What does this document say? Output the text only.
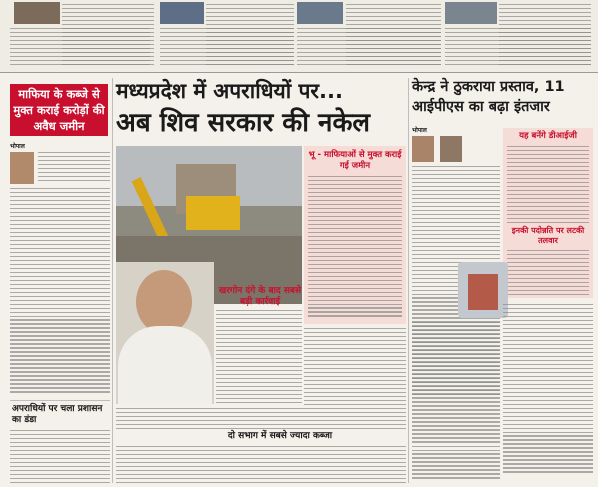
माफिया के कब्जे से मुक्त कराई करोड़ों की अवैध जमीन
भोपाल
अपराधियों पर चला प्रशासन का डंडा
मध्यप्रदेश में अपराधियों पर...
अब शिव सरकार की नकेल
खरगोन दंगे के बाद सबसे बड़ी कार्रवाई
भू - माफियाओं से मुक्त कराई गई जमीन
दो सभाग में सबसे ज्यादा कब्जा
केन्द्र ने ठुकराया प्रस्ताव, 11
आईपीएस का बढ़ा इंतजार
भोपाल
यह बनेंगे डीआईजी
इनकी पदोन्नति पर लटकी तलवार
